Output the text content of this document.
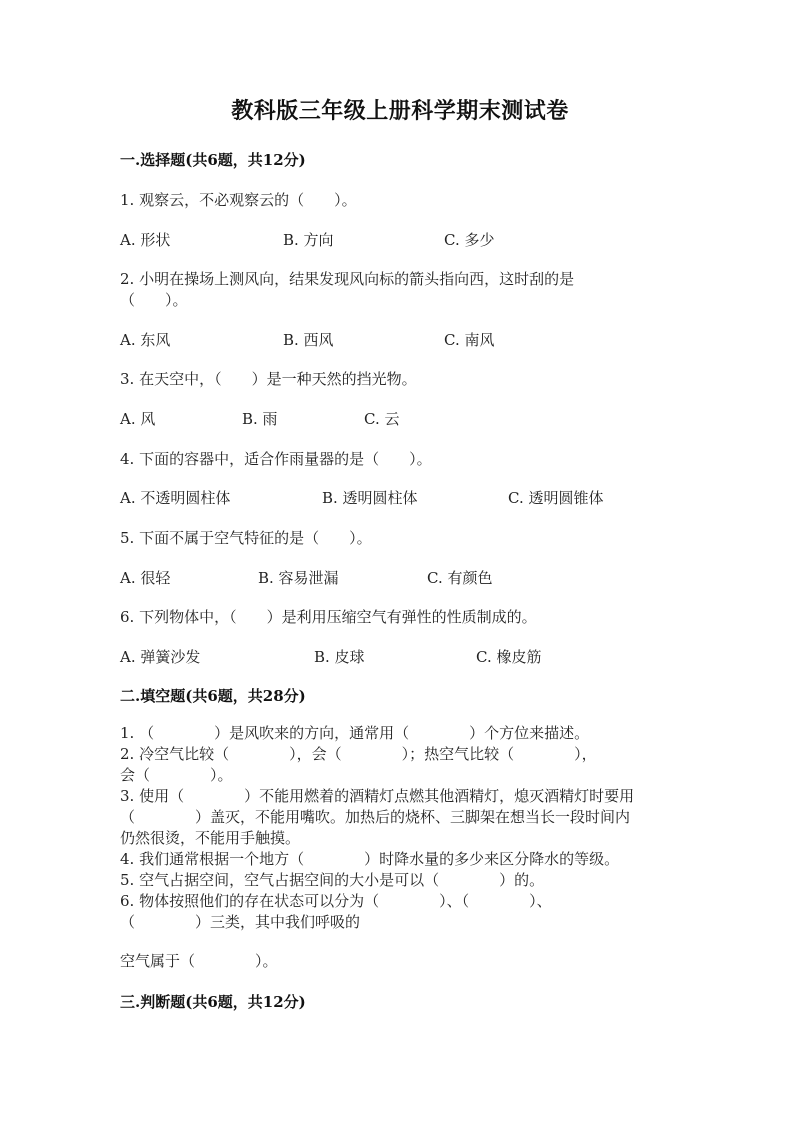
教科版三年级上册科学期末测试卷
一.选择题(共6题，共12分)
1. 观察云，不必观察云的（　　）。
A. 形状	B. 方向	C. 多少
2. 小明在操场上测风向，结果发现风向标的箭头指向西，这时刮的是
（　　）。
A. 东风	B. 西风	C. 南风
3. 在天空中，（　　）是一种天然的挡光物。
A. 风	B. 雨	C. 云
4. 下面的容器中，适合作雨量器的是（　　）。
A. 不透明圆柱体	B. 透明圆柱体	C. 透明圆锥体
5. 下面不属于空气特征的是（　　）。
A. 很轻	B. 容易泄漏	C. 有颜色
6. 下列物体中，（　　）是利用压缩空气有弹性的性质制成的。
A. 弹簧沙发	B. 皮球	C. 橡皮筋
二.填空题(共6题，共28分)
1. （　　　　）是风吹来的方向，通常用（　　　　）个方位来描述。
2. 冷空气比较（　　　　），会（　　　　）；热空气比较（　　　　），
会（　　　　）。
3. 使用（　　　　）不能用燃着的酒精灯点燃其他酒精灯，熄灭酒精灯时要用
（　　　　）盖灭，不能用嘴吹。加热后的烧杯、三脚架在想当长一段时间内
仍然很烫，不能用手触摸。
4. 我们通常根据一个地方（　　　　）时降水量的多少来区分降水的等级。
5. 空气占据空间，空气占据空间的大小是可以（　　　　）的。
6. 物体按照他们的存在状态可以分为（　　　　）、（　　　　）、
（　　　　）三类，其中我们呼吸的
空气属于（　　　　）。
三.判断题(共6题，共12分)
